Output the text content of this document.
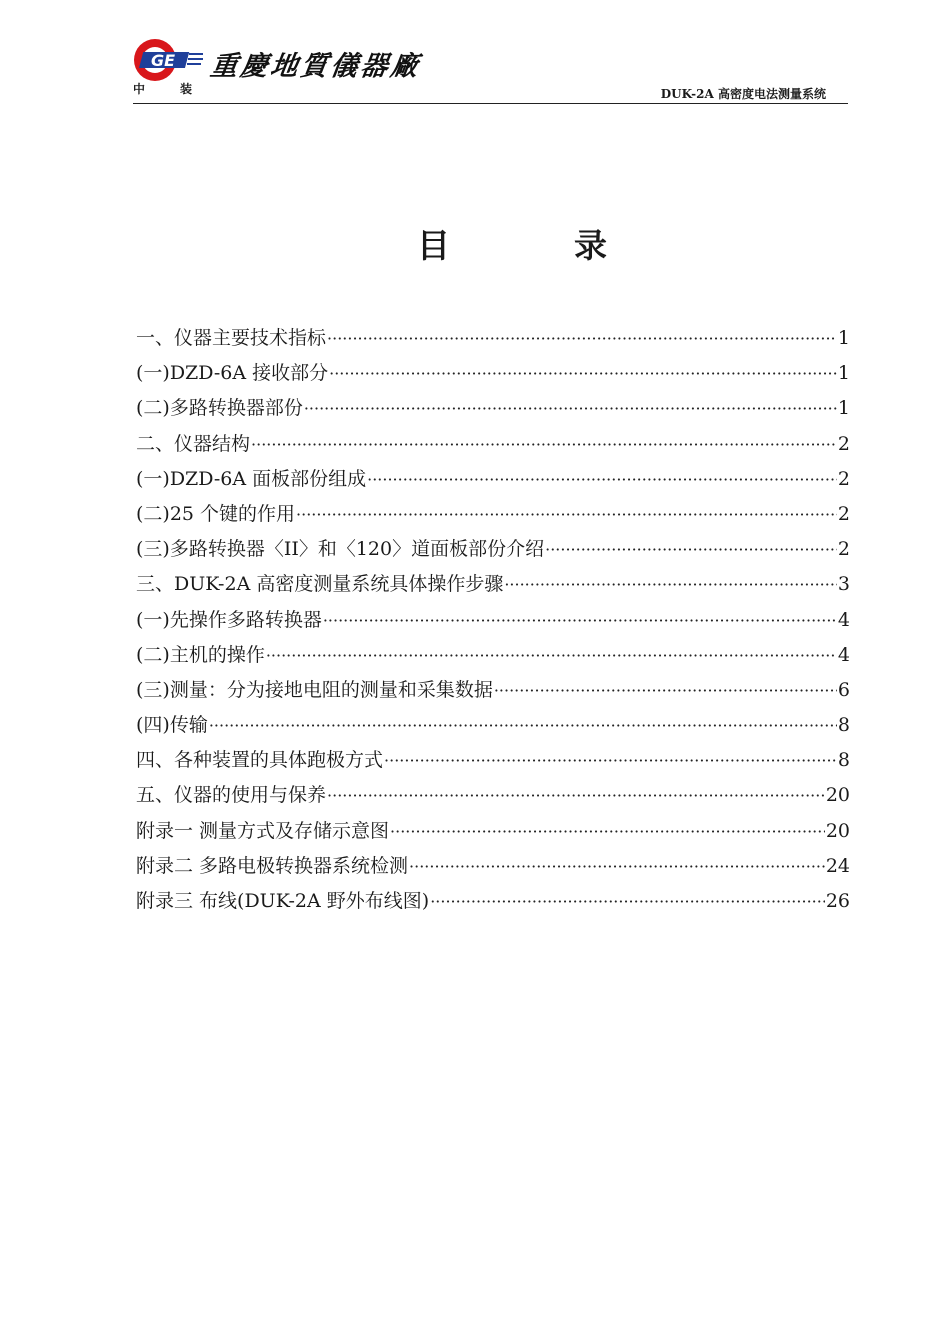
GE 重慶地質儀器廠
中	装	DUK-2A 高密度电法测量系统
目	录
一、仪器主要技术指标 ·····	1
(一)DZD-6A 接收部分 ·····	1
(二)多路转换器部份 ·····	1
二、仪器结构 ·····	2
(一)DZD-6A 面板部份组成 ·····	2
(二)25 个键的作用 ·····	2
(三)多路转换器〈II〉和〈120〉道面板部份介绍 ·····	2
三、DUK-2A 高密度测量系统具体操作步骤 ·····	3
(一)先操作多路转换器 ·····	4
(二)主机的操作 ·····	4
(三)测量：分为接地电阻的测量和采集数据 ·····	6
(四)传输 ·····	8
四、各种装置的具体跑极方式 ·····	8
五、仪器的使用与保养 ·····	20
附录一 测量方式及存储示意图 ·····	20
附录二 多路电极转换器系统检测 ·····	24
附录三 布线(DUK-2A 野外布线图) ·····	26
